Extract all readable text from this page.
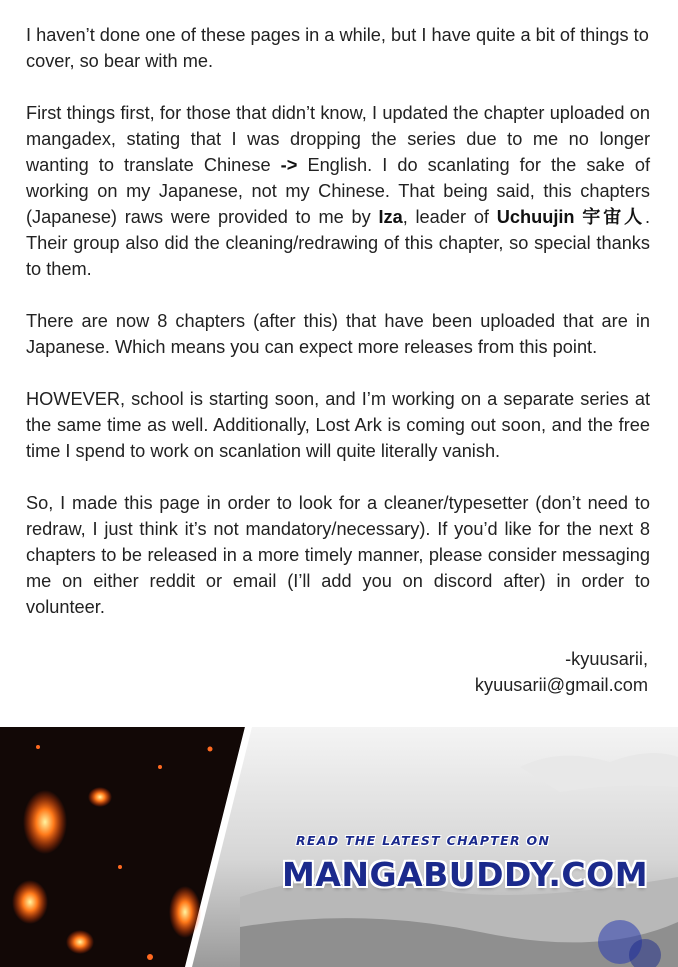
I haven’t done one of these pages in a while, but I have quite a bit of things to cover, so bear with me.

First things first, for those that didn’t know, I updated the chapter uploaded on mangadex, stating that I was dropping the series due to me no longer wanting to translate Chinese -> English. I do scanlating for the sake of working on my Japanese, not my Chinese. That being said, this chapters (Japanese) raws were provided to me by Iza, leader of Uchuujin 宇宙人. Their group also did the cleaning/redrawing of this chapter, so special thanks to them.

There are now 8 chapters (after this) that have been uploaded that are in Japanese. Which means you can expect more releases from this point.

HOWEVER, school is starting soon, and I’m working on a separate series at the same time as well. Additionally, Lost Ark is coming out soon, and the free time I spend to work on scanlation will quite literally vanish.

So, I made this page in order to look for a cleaner/typesetter (don’t need to redraw, I just think it’s not mandatory/necessary). If you’d like for the next 8 chapters to be released in a more timely manner, please consider messaging me on either reddit or email (I’ll add you on discord after) in order to volunteer.

-kyuusarii,
kyuusarii@gmail.com
READ THE LATEST CHAPTER ON
MANGABUDDY.COM
